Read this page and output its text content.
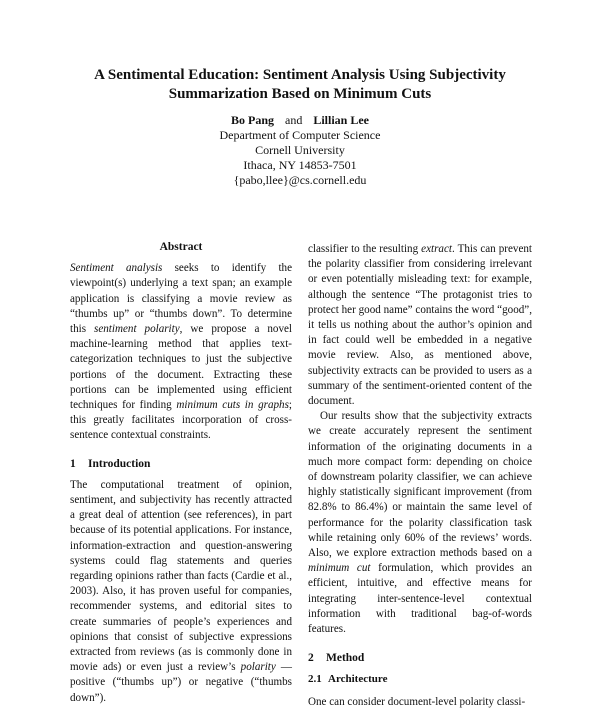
A Sentimental Education: Sentiment Analysis Using Subjectivity
Summarization Based on Minimum Cuts
Bo Pang and Lillian Lee
Department of Computer Science
Cornell University
Ithaca, NY 14853-7501
{pabo,llee}@cs.cornell.edu
Abstract

Sentiment analysis seeks to identify the viewpoint(s) underlying a text span; an example application is classifying a movie review as “thumbs up” or “thumbs down”. To determine this sentiment polarity, we propose a novel machine-learning method that applies text-categorization techniques to just the subjective portions of the document. Extracting these portions can be implemented using efficient techniques for finding minimum cuts in graphs; this greatly facilitates incorporation of cross-sentence contextual constraints.

1 Introduction

The computational treatment of opinion, sentiment, and subjectivity has recently attracted a great deal of attention (see references), in part because of its potential applications. For instance, information-extraction and question-answering systems could flag statements and queries regarding opinions rather than facts (Cardie et al., 2003). Also, it has proven useful for companies, recommender systems, and editorial sites to create summaries of people’s experiences and opinions that consist of subjective expressions extracted from reviews (as is commonly done in movie ads) or even just a review’s polarity — positive (“thumbs up”) or negative (“thumbs down”).

classifier to the resulting extract. This can prevent the polarity classifier from considering irrelevant or even potentially misleading text: for example, although the sentence “The protagonist tries to protect her good name” contains the word “good”, it tells us nothing about the author’s opinion and in fact could well be embedded in a negative movie review. Also, as mentioned above, subjectivity extracts can be provided to users as a summary of the sentiment-oriented content of the document.

Our results show that the subjectivity extracts we create accurately represent the sentiment information of the originating documents in a much more compact form: depending on choice of downstream polarity classifier, we can achieve highly statistically significant improvement (from 82.8% to 86.4%) or maintain the same level of performance for the polarity classification task while retaining only 60% of the reviews’ words. Also, we explore extraction methods based on a minimum cut formulation, which provides an efficient, intuitive, and effective means for integrating inter-sentence-level contextual information with traditional bag-of-words features.

2 Method
2.1 Architecture

One can consider document-level polarity classi-
